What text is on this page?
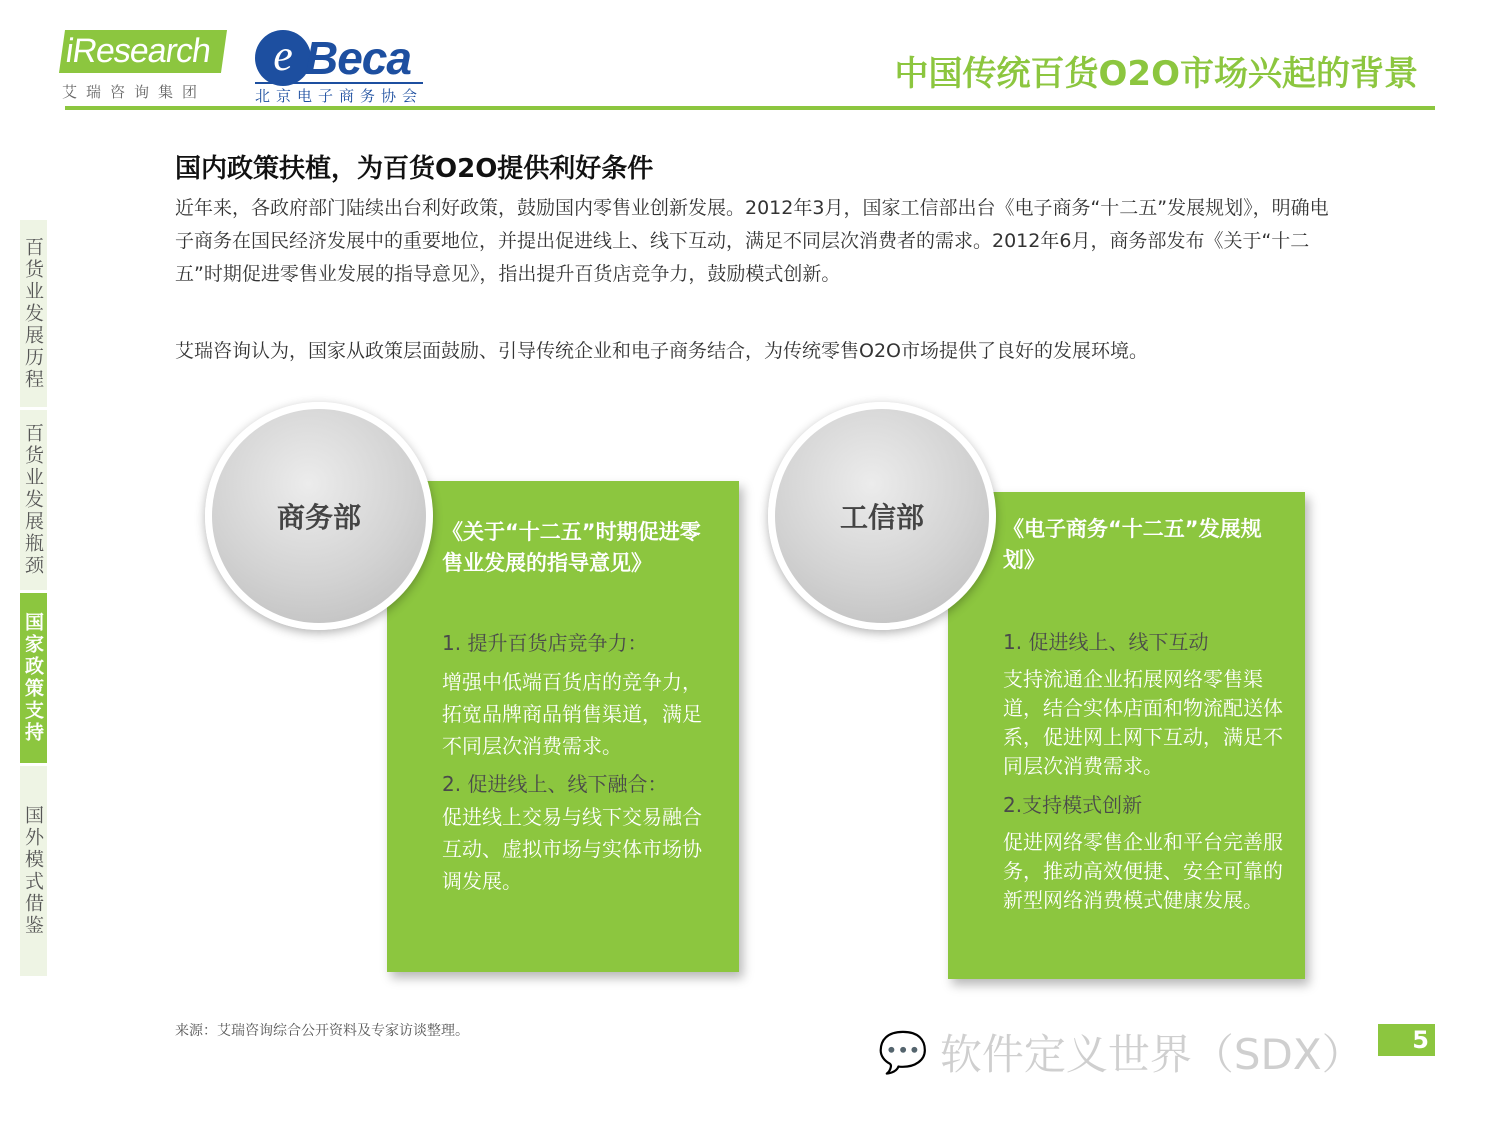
iResearch
艾瑞咨询集团
e Beca
北京电子商务协会
中国传统百货O2O市场兴起的背景
百货业发展历程
百货业发展瓶颈
国家政策支持
国外模式借鉴
国内政策扶植，为百货O2O提供利好条件
近年来，各政府部门陆续出台利好政策，鼓励国内零售业创新发展。2012年3月，国家工信部出台《电子商务“十二五”发展规划》，明确电子商务在国民经济发展中的重要地位，并提出促进线上、线下互动，满足不同层次消费者的需求。2012年6月，商务部发布《关于“十二五”时期促进零售业发展的指导意见》，指出提升百货店竞争力，鼓励模式创新。
艾瑞咨询认为，国家从政策层面鼓励、引导传统企业和电子商务结合，为传统零售O2O市场提供了良好的发展环境。
《关于“十二五”时期促进零售业发展的指导意见》
1. 提升百货店竞争力：
增强中低端百货店的竞争力，拓宽品牌商品销售渠道，满足不同层次消费需求。
2. 促进线上、线下融合：
促进线上交易与线下交易融合互动、虚拟市场与实体市场协调发展。
商务部	《电子商务“十二五”发展规划》
1. 促进线上、线下互动
支持流通企业拓展网络零售渠道，结合实体店面和物流配送体系，促进网上网下互动，满足不同层次消费需求。
2.支持模式创新
促进网络零售企业和平台完善服务，推动高效便捷、安全可靠的新型网络消费模式健康发展。
工信部
来源：艾瑞咨询综合公开资料及专家访谈整理。	5
💬 软件定义世界（SDX）
